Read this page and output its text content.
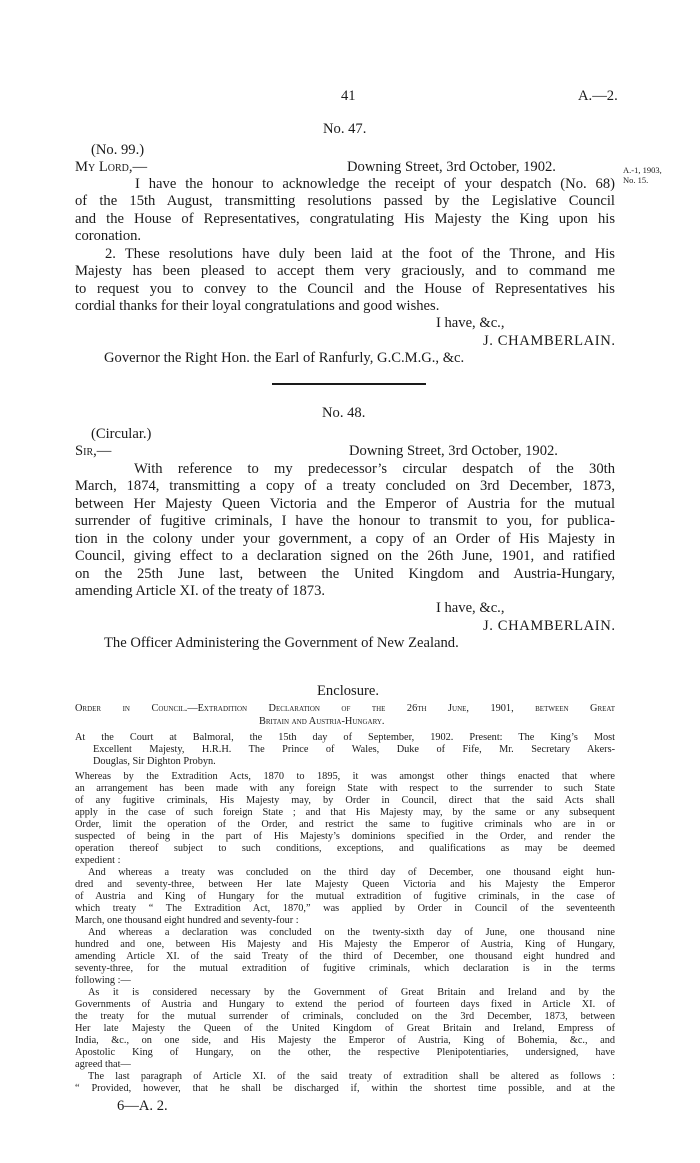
41	A.—2.
No. 47.
(No. 99.)
My Lord,—	Downing Street, 3rd October, 1902.	A.-1, 1903,
No. 15.
I have the honour to acknowledge the receipt of your despatch (No. 68)
of the 15th August, transmitting resolutions passed by the Legislative Council
and the House of Representatives, congratulating His Majesty the King upon his
coronation.
2. These resolutions have duly been laid at the foot of the Throne, and His
Majesty has been pleased to accept them very graciously, and to command me
to request you to convey to the Council and the House of Representatives his
cordial thanks for their loyal congratulations and good wishes.
I have, &c.,
J. CHAMBERLAIN.
Governor the Right Hon. the Earl of Ranfurly, G.C.M.G., &c.
No. 48.
(Circular.)
Sir,—	Downing Street, 3rd October, 1902.
With reference to my predecessor’s circular despatch of the 30th
March, 1874, transmitting a copy of a treaty concluded on 3rd December, 1873,
between Her Majesty Queen Victoria and the Emperor of Austria for the mutual
surrender of fugitive criminals, I have the honour to transmit to you, for publica-
tion in the colony under your government, a copy of an Order of His Majesty in
Council, giving effect to a declaration signed on the 26th June, 1901, and ratified
on the 25th June last, between the United Kingdom and Austria-Hungary,
amending Article XI. of the treaty of 1873.
I have, &c.,
J. CHAMBERLAIN.
The Officer Administering the Government of New Zealand.
Enclosure.
Order in Council.—Extradition Declaration of the 26th June, 1901, between Great
Britain and Austria-Hungary.
At the Court at Balmoral, the 15th day of September, 1902. Present: The King’s Most
Excellent Majesty, H.R.H. The Prince of Wales, Duke of Fife, Mr. Secretary Akers-
Douglas, Sir Dighton Probyn.
Whereas by the Extradition Acts, 1870 to 1895, it was amongst other things enacted that where
an arrangement has been made with any foreign State with respect to the surrender to such State
of any fugitive criminals, His Majesty may, by Order in Council, direct that the said Acts shall
apply in the case of such foreign State ; and that His Majesty may, by the same or any subsequent
Order, limit the operation of the Order, and restrict the same to fugitive criminals who are in or
suspected of being in the part of His Majesty’s dominions specified in the Order, and render the
operation thereof subject to such conditions, exceptions, and qualifications as may be deemed
expedient :
And whereas a treaty was concluded on the third day of December, one thousand eight hun-
dred and seventy-three, between Her late Majesty Queen Victoria and his Majesty the Emperor
of Austria and King of Hungary for the mutual extradition of fugitive criminals, in the case of
which treaty “ The Extradition Act, 1870,” was applied by Order in Council of the seventeenth
March, one thousand eight hundred and seventy-four :
And whereas a declaration was concluded on the twenty-sixth day of June, one thousand nine
hundred and one, between His Majesty and His Majesty the Emperor of Austria, King of Hungary,
amending Article XI. of the said Treaty of the third of December, one thousand eight hundred and
seventy-three, for the mutual extradition of fugitive criminals, which declaration is in the terms
following :—
As it is considered necessary by the Government of Great Britain and Ireland and by the
Governments of Austria and Hungary to extend the period of fourteen days fixed in Article XI. of
the treaty for the mutual surrender of criminals, concluded on the 3rd December, 1873, between
Her late Majesty the Queen of the United Kingdom of Great Britain and Ireland, Empress of
India, &c., on one side, and His Majesty the Emperor of Austria, King of Bohemia, &c., and
Apostolic King of Hungary, on the other, the respective Plenipotentiaries, undersigned, have
agreed that—
The last paragraph of Article XI. of the said treaty of extradition shall be altered as follows :
“ Provided, however, that he shall be discharged if, within the shortest time possible, and at the
6—A. 2.
